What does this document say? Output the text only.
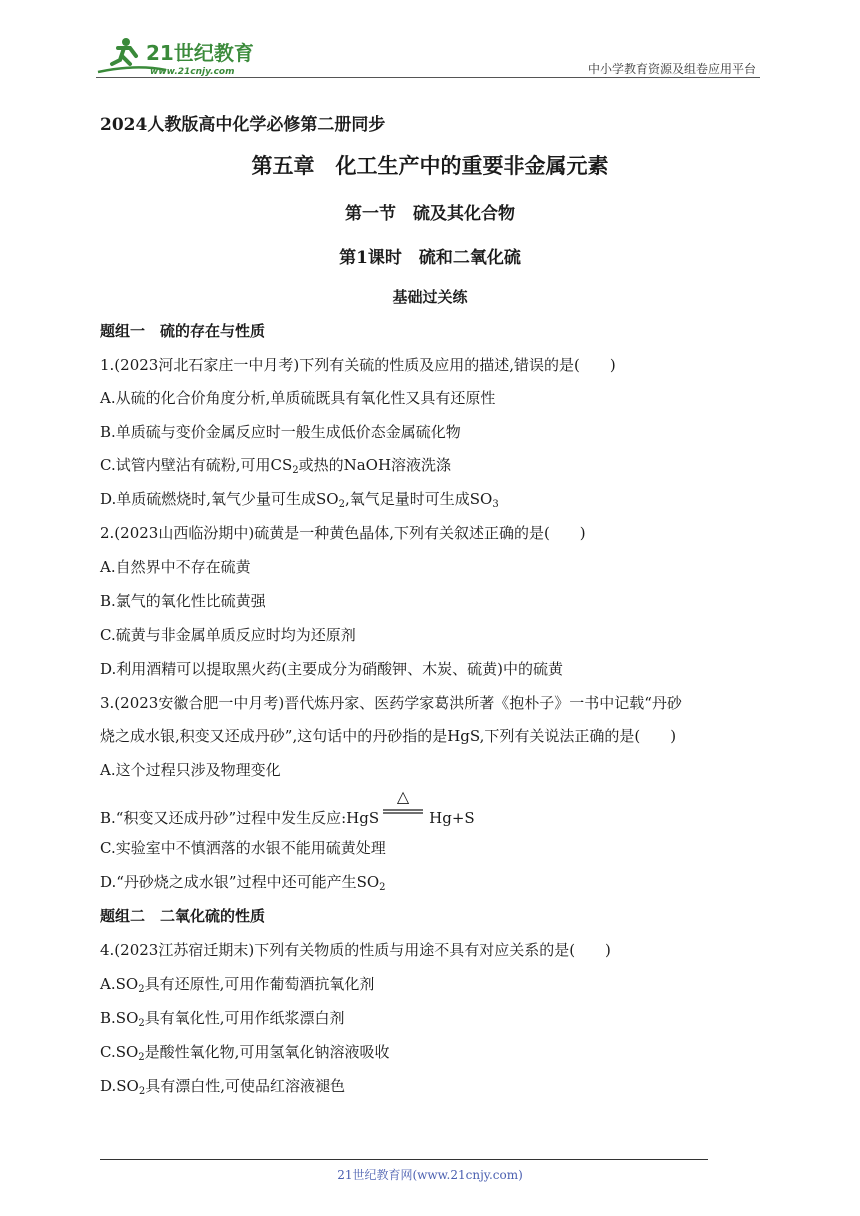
21世纪教育
www.21cnjy.com	中小学教育资源及组卷应用平台
2024人教版高中化学必修第二册同步
第五章　化工生产中的重要非金属元素
第一节　硫及其化合物
第1课时　硫和二氧化硫
基础过关练
题组一　硫的存在与性质
1.(2023河北石家庄一中月考)下列有关硫的性质及应用的描述,错误的是(　　)
A.从硫的化合价角度分析,单质硫既具有氧化性又具有还原性
B.单质硫与变价金属反应时一般生成低价态金属硫化物
C.试管内壁沾有硫粉,可用$CS_2$或热的NaOH溶液洗涤
D.单质硫燃烧时,氧气少量可生成$SO_2$,氧气足量时可生成$SO_3$
2.(2023山西临汾期中)硫黄是一种黄色晶体,下列有关叙述正确的是(　　)
A.自然界中不存在硫黄
B.氯气的氧化性比硫黄强
C.硫黄与非金属单质反应时均为还原剂
D.利用酒精可以提取黑火药(主要成分为硝酸钾、木炭、硫黄)中的硫黄
3.(2023安徽合肥一中月考)晋代炼丹家、医药学家葛洪所著《抱朴子》一书中记载“丹砂
烧之成水银,积变又还成丹砂”,这句话中的丹砂指的是HgS,下列有关说法正确的是(　　)
A.这个过程只涉及物理变化
B.“积变又还成丹砂”过程中发生反应:HgS
△
Hg+S
C.实验室中不慎洒落的水银不能用硫黄处理
D.“丹砂烧之成水银”过程中还可能产生$SO_2$
题组二　二氧化硫的性质
4.(2023江苏宿迁期末)下列有关物质的性质与用途不具有对应关系的是(　　)
$A.SO_2$具有还原性,可用作葡萄酒抗氧化剂
$B.SO_2$具有氧化性,可用作纸浆漂白剂
$C.SO_2$是酸性氧化物,可用氢氧化钠溶液吸收
$D.SO_2$具有漂白性,可使品红溶液褪色
21世纪教育网(www.21cnjy.com)
